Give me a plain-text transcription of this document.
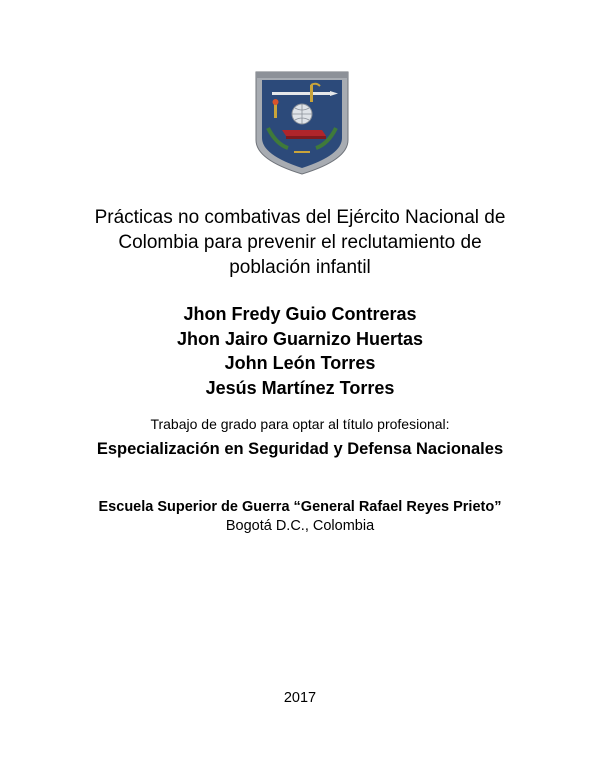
Prácticas no combativas del Ejército Nacional de
Colombia para prevenir el reclutamiento de
población infantil
Jhon Fredy Guio Contreras
Jhon Jairo Guarnizo Huertas
John León Torres
Jesús Martínez Torres
Trabajo de grado para optar al título profesional:
Especialización en Seguridad y Defensa Nacionales
Escuela Superior de Guerra “General Rafael Reyes Prieto”
Bogotá D.C., Colombia
2017
